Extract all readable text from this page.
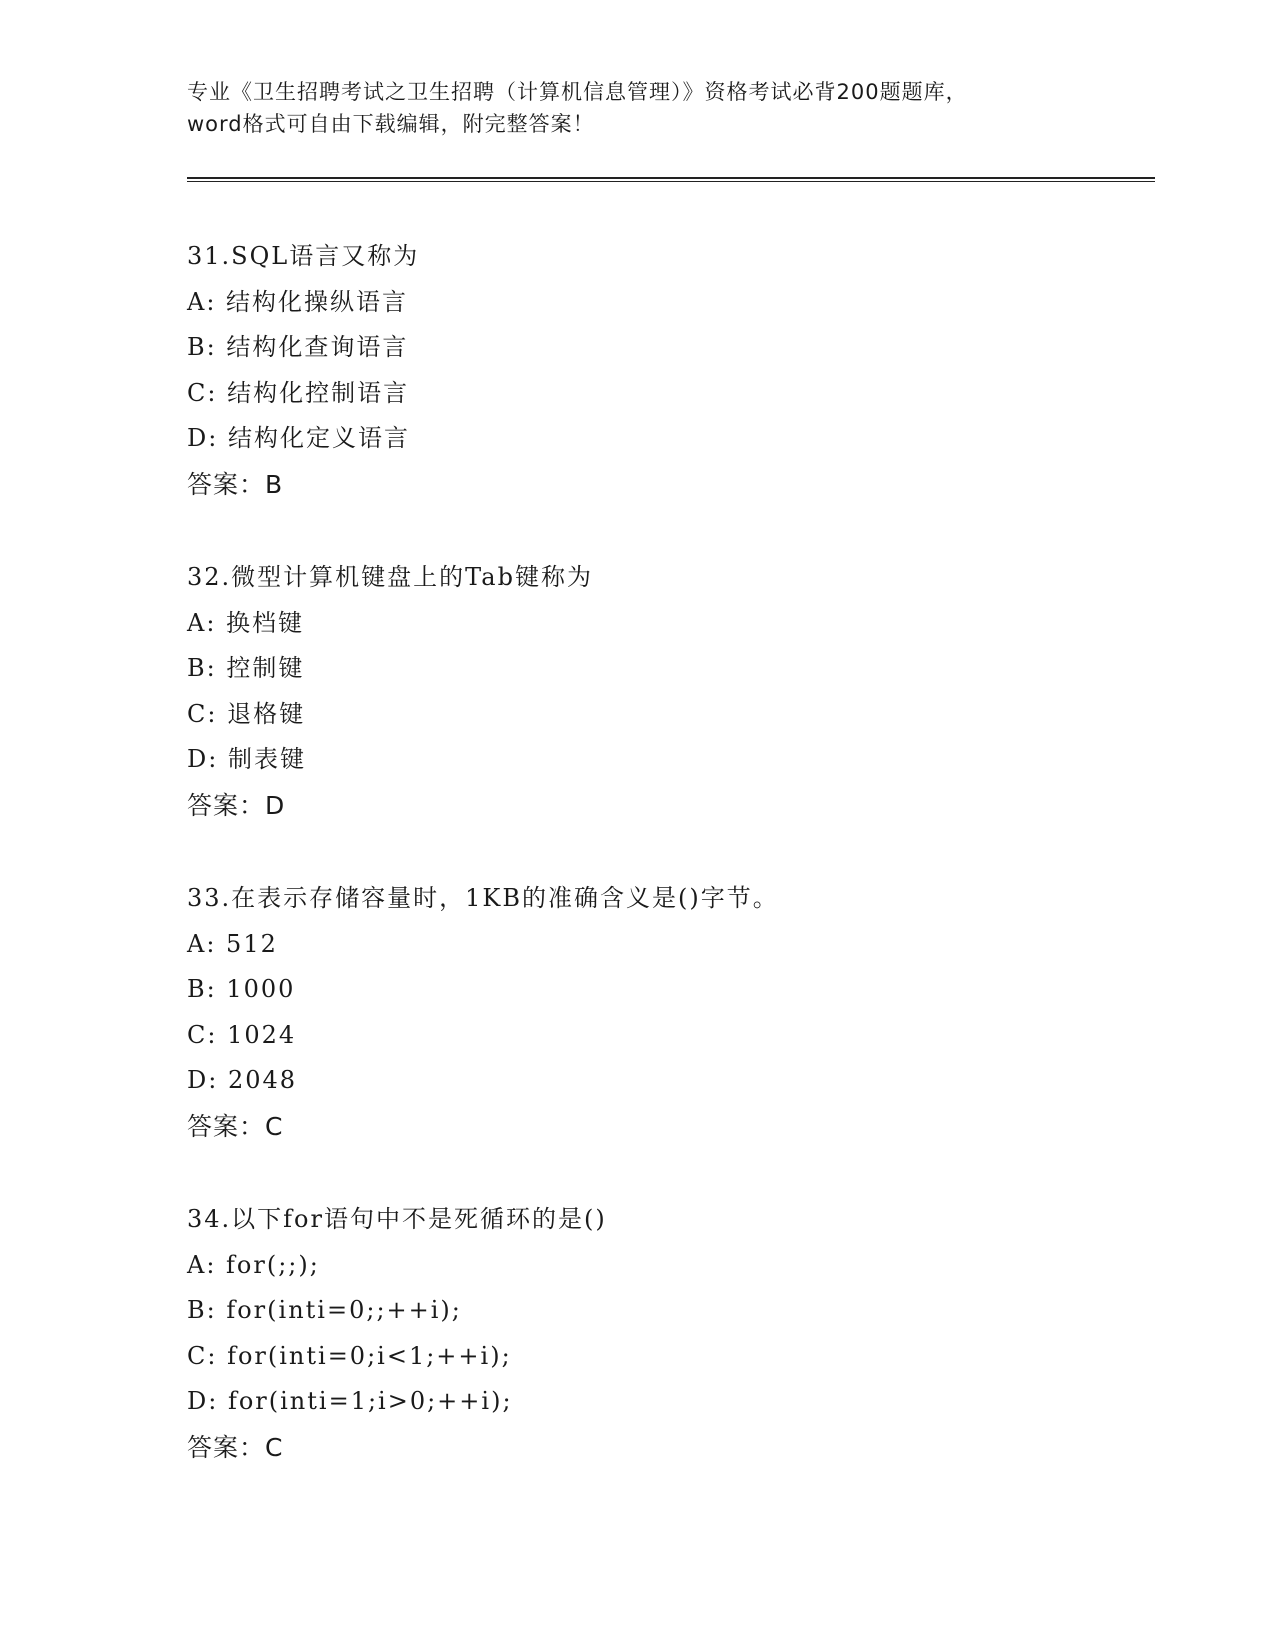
专业《卫生招聘考试之卫生招聘（计算机信息管理）》资格考试必背200题题库，

word格式可自由下载编辑，附完整答案！

31.SQL语言又称为
A: 结构化操纵语言
B: 结构化查询语言
C: 结构化控制语言
D: 结构化定义语言
答案：B
32.微型计算机键盘上的Tab键称为
A: 换档键
B: 控制键
C: 退格键
D: 制表键
答案：D
33.在表示存储容量时，1KB的准确含义是()字节。
A: 512
B: 1000
C: 1024
D: 2048
答案：C
34.以下for语句中不是死循环的是()
A: for(;;);
B: for(inti=0;;++i);
C: for(inti=0;i<1;++i);
D: for(inti=1;i>0;++i);
答案：C
